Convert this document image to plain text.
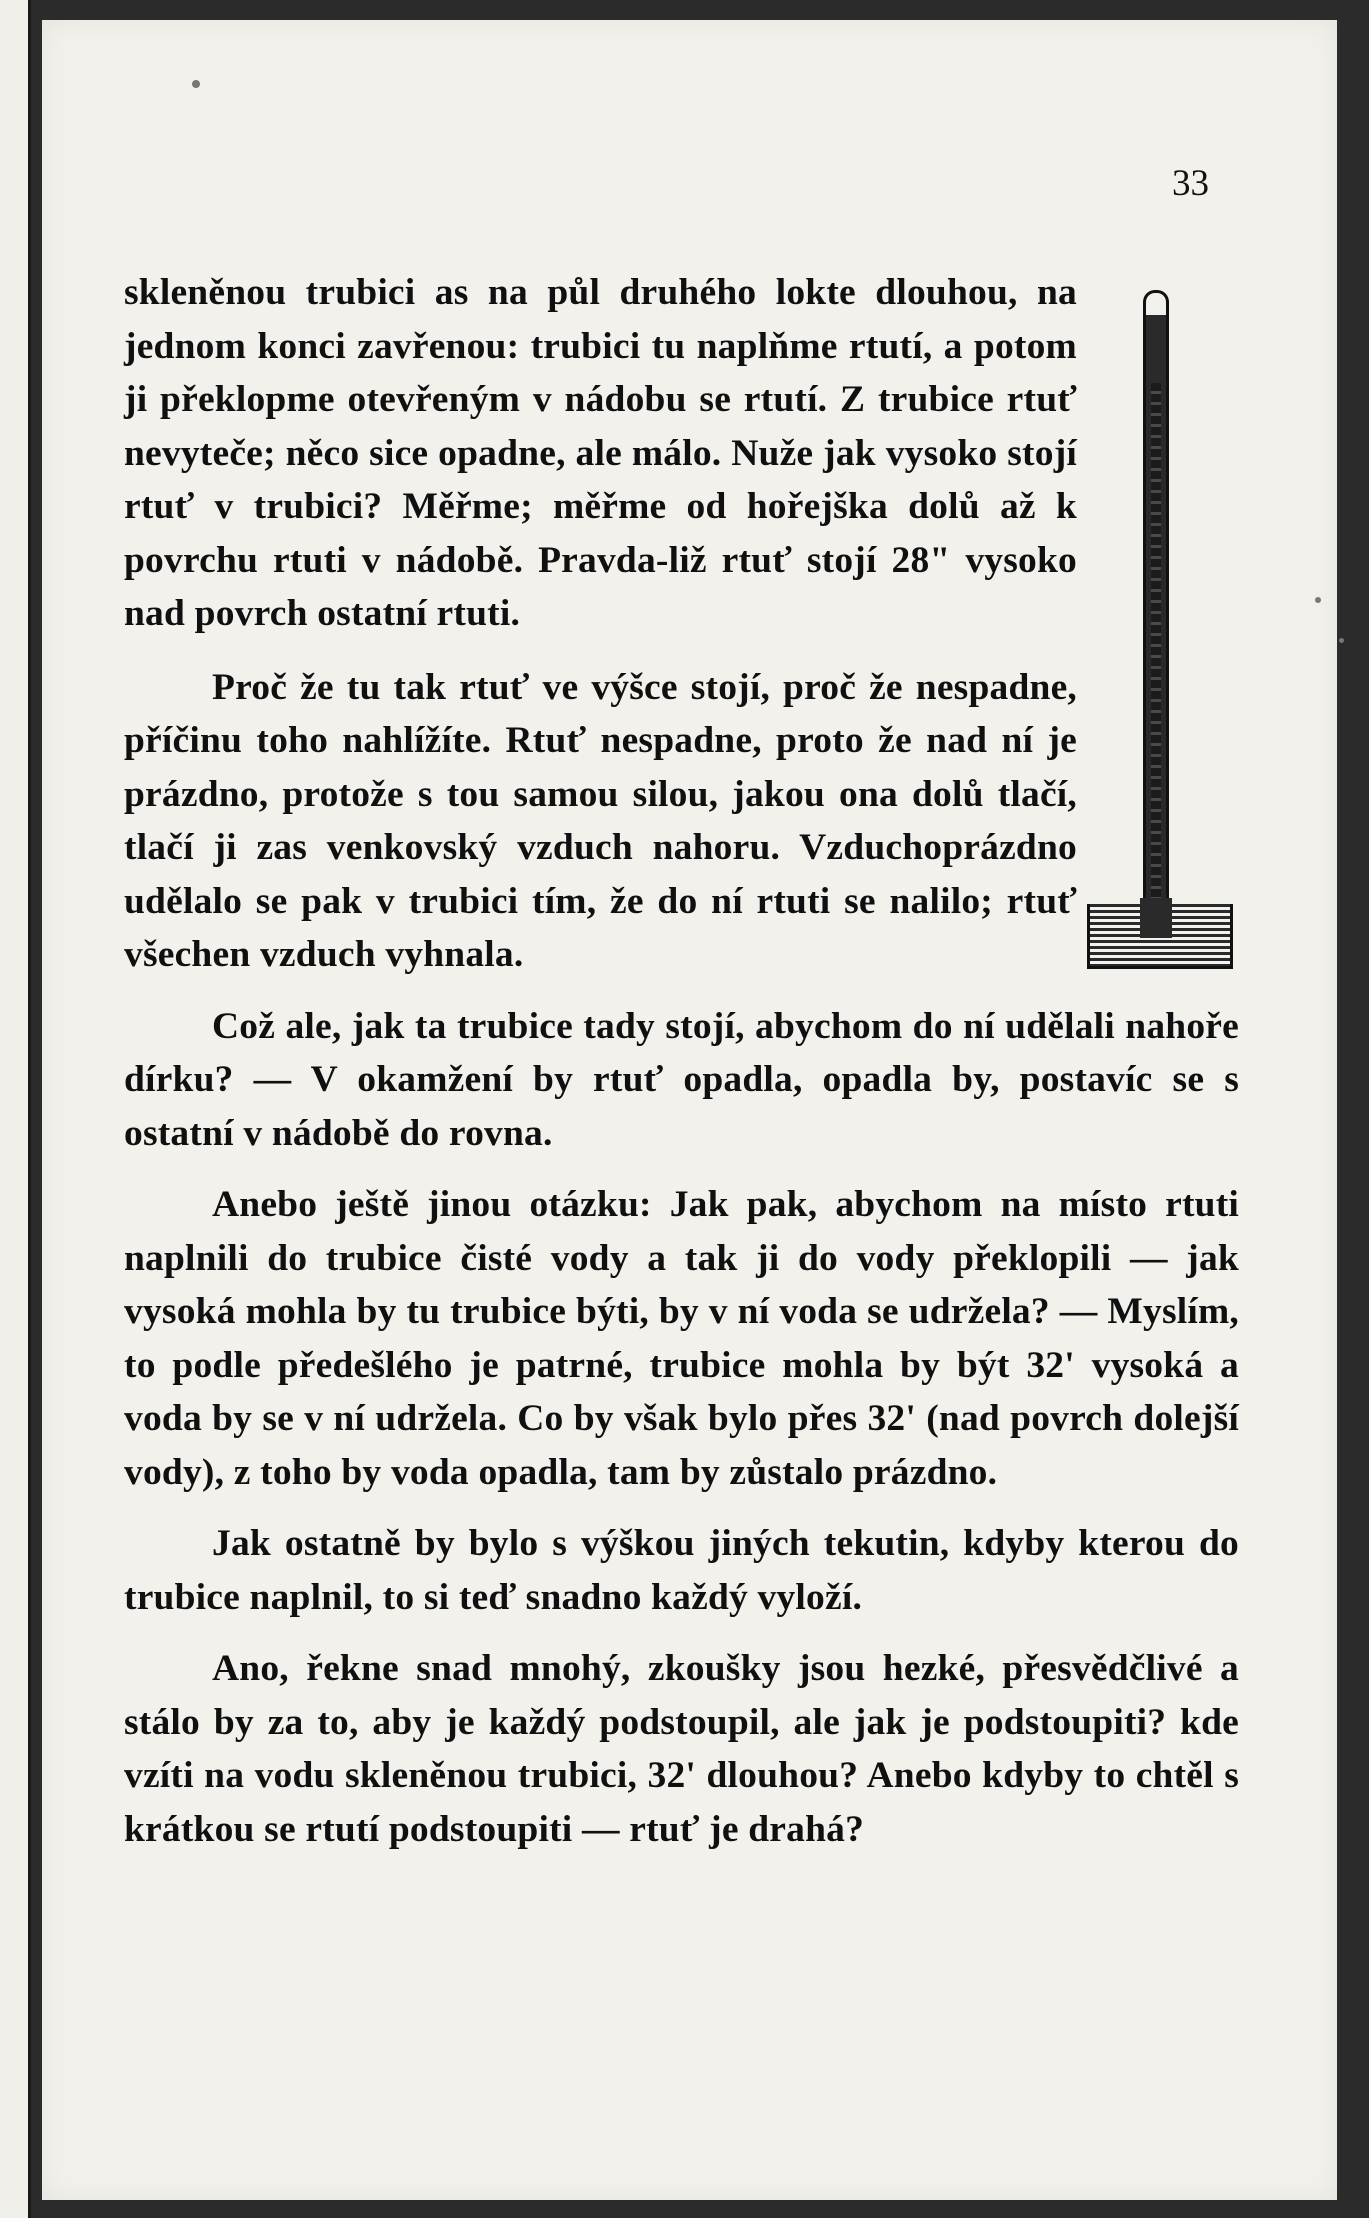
33

skleněnou trubici as na půl druhého lokte dlouhou, na jednom konci zavřenou: trubici tu naplňme rtutí, a potom ji překlopme otevřeným v nádobu se rtutí. Z trubice rtuť nevyteče; něco sice opadne, ale málo. Nuže jak vysoko stojí rtuť v trubici? Měřme; měřme od hořejška dolů až k povrchu rtuti v nádobě. Pravda-liž rtuť stojí 28" vysoko nad povrch ostatní rtuti.

Proč že tu tak rtuť ve výšce stojí, proč že nespadne, příčinu toho nahlížíte. Rtuť nespadne, proto že nad ní je prázdno, protože s tou samou silou, jakou ona dolů tlačí, tlačí ji zas venkovský vzduch nahoru. Vzduchoprázdno udělalo se pak v trubici tím, že do ní rtuti se nalilo; rtuť všechen vzduch vyhnala.

Což ale, jak ta trubice tady stojí, abychom do ní udělali nahoře dírku? — V okamžení by rtuť opadla, opadla by, postavíc se s ostatní v nádobě do rovna.

Anebo ještě jinou otázku: Jak pak, abychom na místo rtuti naplnili do trubice čisté vody a tak ji do vody překlopili — jak vysoká mohla by tu trubice býti, by v ní voda se udržela? — Myslím, to podle předešlého je patrné, trubice mohla by být 32' vysoká a voda by se v ní udržela. Co by však bylo přes 32' (nad povrch dolejší vody), z toho by voda opadla, tam by zůstalo prázdno.

Jak ostatně by bylo s výškou jiných tekutin, kdyby kterou do trubice naplnil, to si teď snadno každý vyloží.

Ano, řekne snad mnohý, zkoušky jsou hezké, přesvědčlivé a stálo by za to, aby je každý podstoupil, ale jak je podstoupiti? kde vzíti na vodu skleněnou trubici, 32' dlouhou? Anebo kdyby to chtěl s krátkou se rtutí podstoupiti — rtuť je drahá?
